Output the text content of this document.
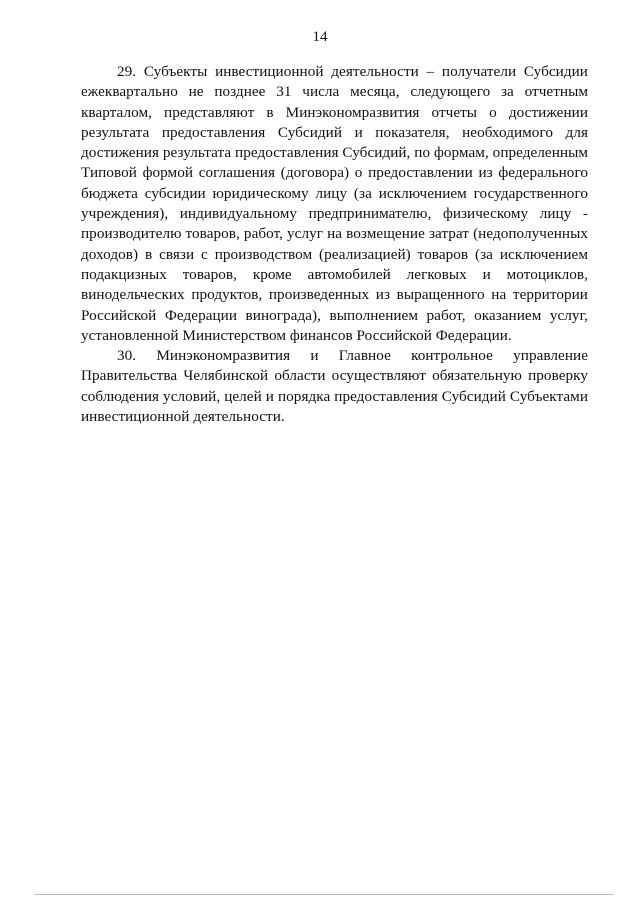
14

29. Субъекты инвестиционной деятельности – получатели Субсидии ежеквартально не позднее 31 числа месяца, следующего за отчетным кварталом, представляют в Минэкономразвития отчеты о достижении результата предоставления Субсидий и показателя, необходимого для достижения результата предоставления Субсидий, по формам, определенным Типовой формой соглашения (договора) о предоставлении из федерального бюджета субсидии юридическому лицу (за исключением государственного учреждения), индивидуальному предпринимателю, физическому лицу - производителю товаров, работ, услуг на возмещение затрат (недополученных доходов) в связи с производством (реализацией) товаров (за исключением подакцизных товаров, кроме автомобилей легковых и мотоциклов, винодельческих продуктов, произведенных из выращенного на территории Российской Федерации винограда), выполнением работ, оказанием услуг, установленной Министерством финансов Российской Федерации.

30. Минэкономразвития и Главное контрольное управление Правительства Челябинской области осуществляют обязательную проверку соблюдения условий, целей и порядка предоставления Субсидий Субъектами инвестиционной деятельности.
